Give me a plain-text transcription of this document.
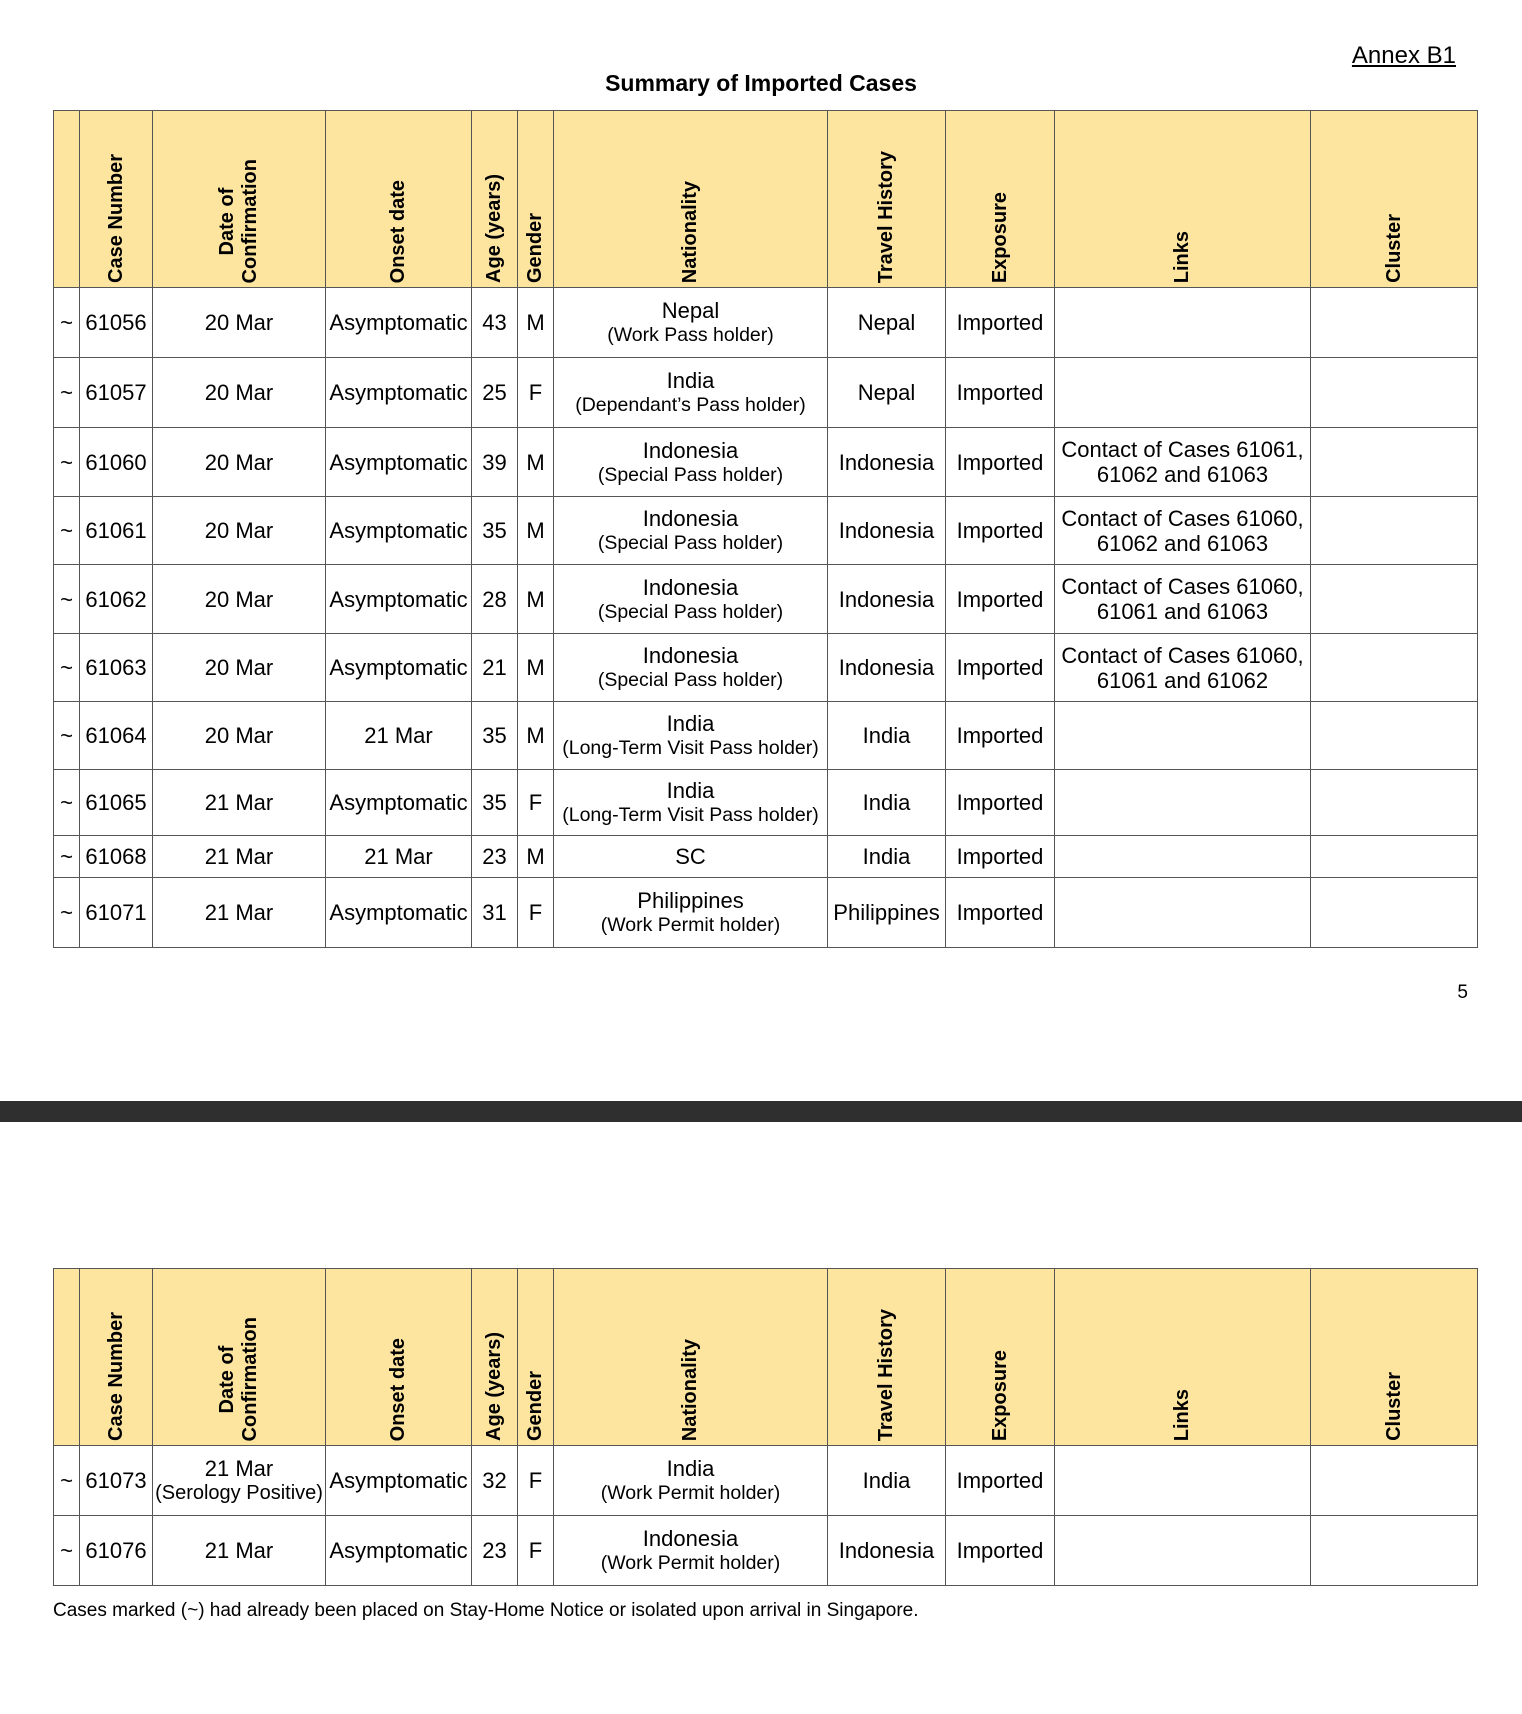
Annex B1
Summary of Imported Cases

	Case Number	Date of
Confirmation	Onset date	Age (years)	Gender	Nationality	Travel History	Exposure	Links	Cluster

~	61056	20 Mar	Asymptomatic	43	M	Nepal
(Work Pass holder)	Nepal	Imported		
~	61057	20 Mar	Asymptomatic	25	F	India
(Dependant’s Pass holder)	Nepal	Imported		
~	61060	20 Mar	Asymptomatic	39	M	Indonesia
(Special Pass holder)	Indonesia	Imported	Contact of Cases 61061,
61062 and 61063	

~	61061	20 Mar	Asymptomatic	35	M	Indonesia
(Special Pass holder)	Indonesia	Imported	Contact of Cases 61060,
61062 and 61063	

~	61062	20 Mar	Asymptomatic	28	M	Indonesia
(Special Pass holder)	Indonesia	Imported	Contact of Cases 61060,
61061 and 61063	

~	61063	20 Mar	Asymptomatic	21	M	Indonesia
(Special Pass holder)	Indonesia	Imported	Contact of Cases 61060,
61061 and 61062	

~	61064	20 Mar	21 Mar	35	M	India
(Long-Term Visit Pass holder)	India	Imported		
~	61065	21 Mar	Asymptomatic	35	F	India
(Long-Term Visit Pass holder)	India	Imported		
~	61068	21 Mar	21 Mar	23	M	SC	India	Imported		
~	61071	21 Mar	Asymptomatic	31	F	Philippines
(Work Permit holder)	Philippines	Imported		
5

	Case Number	Date of
Confirmation	Onset date	Age (years)	Gender	Nationality	Travel History	Exposure	Links	Cluster

~	61073	21 Mar
(Serology Positive)	Asymptomatic	32	F	India
(Work Permit holder)	India	Imported		
~	61076	21 Mar	Asymptomatic	23	F	Indonesia
(Work Permit holder)	Indonesia	Imported		
Cases marked (~) had already been placed on Stay-Home Notice or isolated upon arrival in Singapore.
